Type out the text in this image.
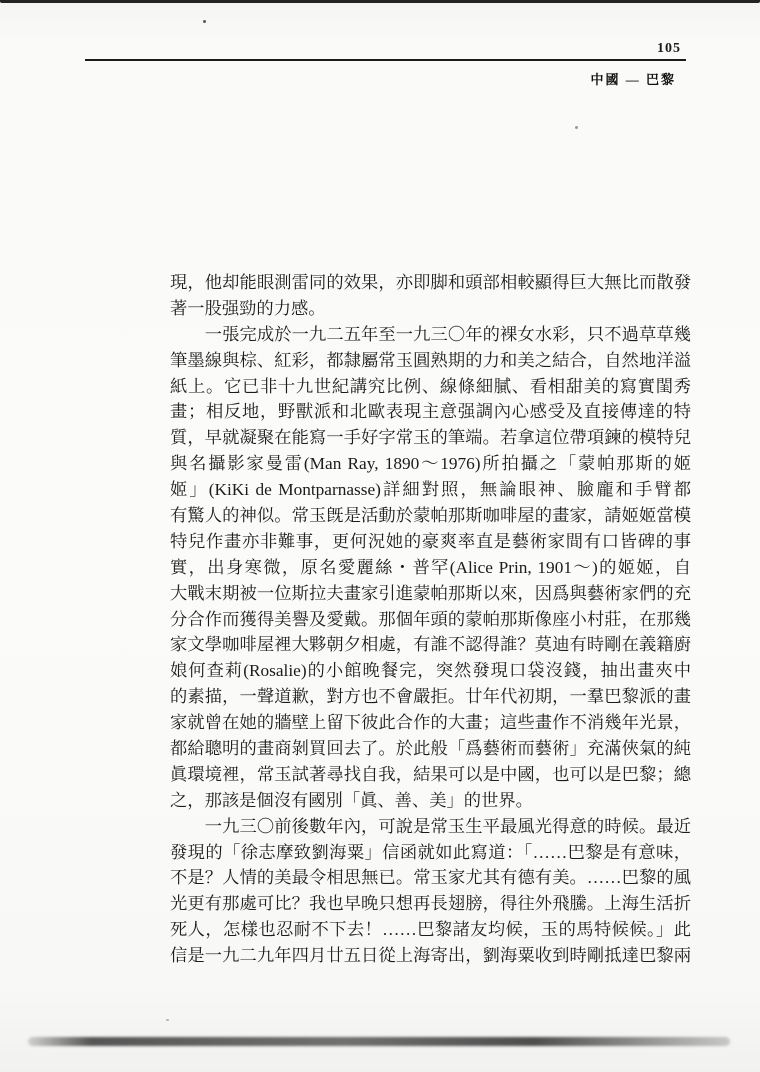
105
中國 — 巴黎
現，他却能眼測雷同的效果，亦即脚和頭部相較顯得巨大無比而散發
著一股强勁的力感。
　　一張完成於一九二五年至一九三〇年的裸女水彩，只不過草草幾
筆墨線與棕、紅彩，都隸屬常玉圓熟期的力和美之結合，自然地洋溢
紙上。它已非十九世紀講究比例、線條細膩、看相甜美的寫實閨秀
畫；相反地，野獸派和北歐表現主意强調內心感受及直接傳達的特
質，早就凝聚在能寫一手好字常玉的筆端。若拿這位帶項鍊的模特兒
與名攝影家曼雷(Man Ray, 1890～1976)所拍攝之「蒙帕那斯的姬
姬」(KiKi de Montparnasse)詳細對照，無論眼神、臉龐和手臂都
有驚人的神似。常玉旣是活動於蒙帕那斯咖啡屋的畫家，請姬姬當模
特兒作畫亦非難事，更何況她的豪爽率直是藝術家間有口皆碑的事
實，出身寒微，原名愛麗絲・普罕(Alice Prin, 1901～)的姬姬，自
大戰末期被一位斯拉夫畫家引進蒙帕那斯以來，因爲與藝術家們的充
分合作而獲得美譽及愛戴。那個年頭的蒙帕那斯像座小村莊，在那幾
家文學咖啡屋裡大夥朝夕相處，有誰不認得誰？莫迪有時剛在義籍廚
娘何查莉(Rosalie)的小館晚餐完，突然發現口袋沒錢，抽出畫夾中
的素描，一聲道歉，對方也不會嚴拒。廿年代初期，一羣巴黎派的畫
家就曾在她的牆壁上留下彼此合作的大畫；這些畫作不消幾年光景，
都給聰明的畫商剝買回去了。於此般「爲藝術而藝術」充滿俠氣的純
眞環境裡，常玉試著尋找自我，結果可以是中國，也可以是巴黎；總
之，那該是個沒有國別「眞、善、美」的世界。
　　一九三〇前後數年內，可說是常玉生平最風光得意的時候。最近
發現的「徐志摩致劉海粟」信函就如此寫道：「……巴黎是有意味，
不是？人情的美最令相思無已。常玉家尤其有德有美。……巴黎的風
光更有那處可比？我也早晚只想再長翅膀，得往外飛騰。上海生活折
死人，怎樣也忍耐不下去！……巴黎諸友均候，玉的馬特候候。」此
信是一九二九年四月廿五日從上海寄出，劉海粟收到時剛抵達巴黎兩
